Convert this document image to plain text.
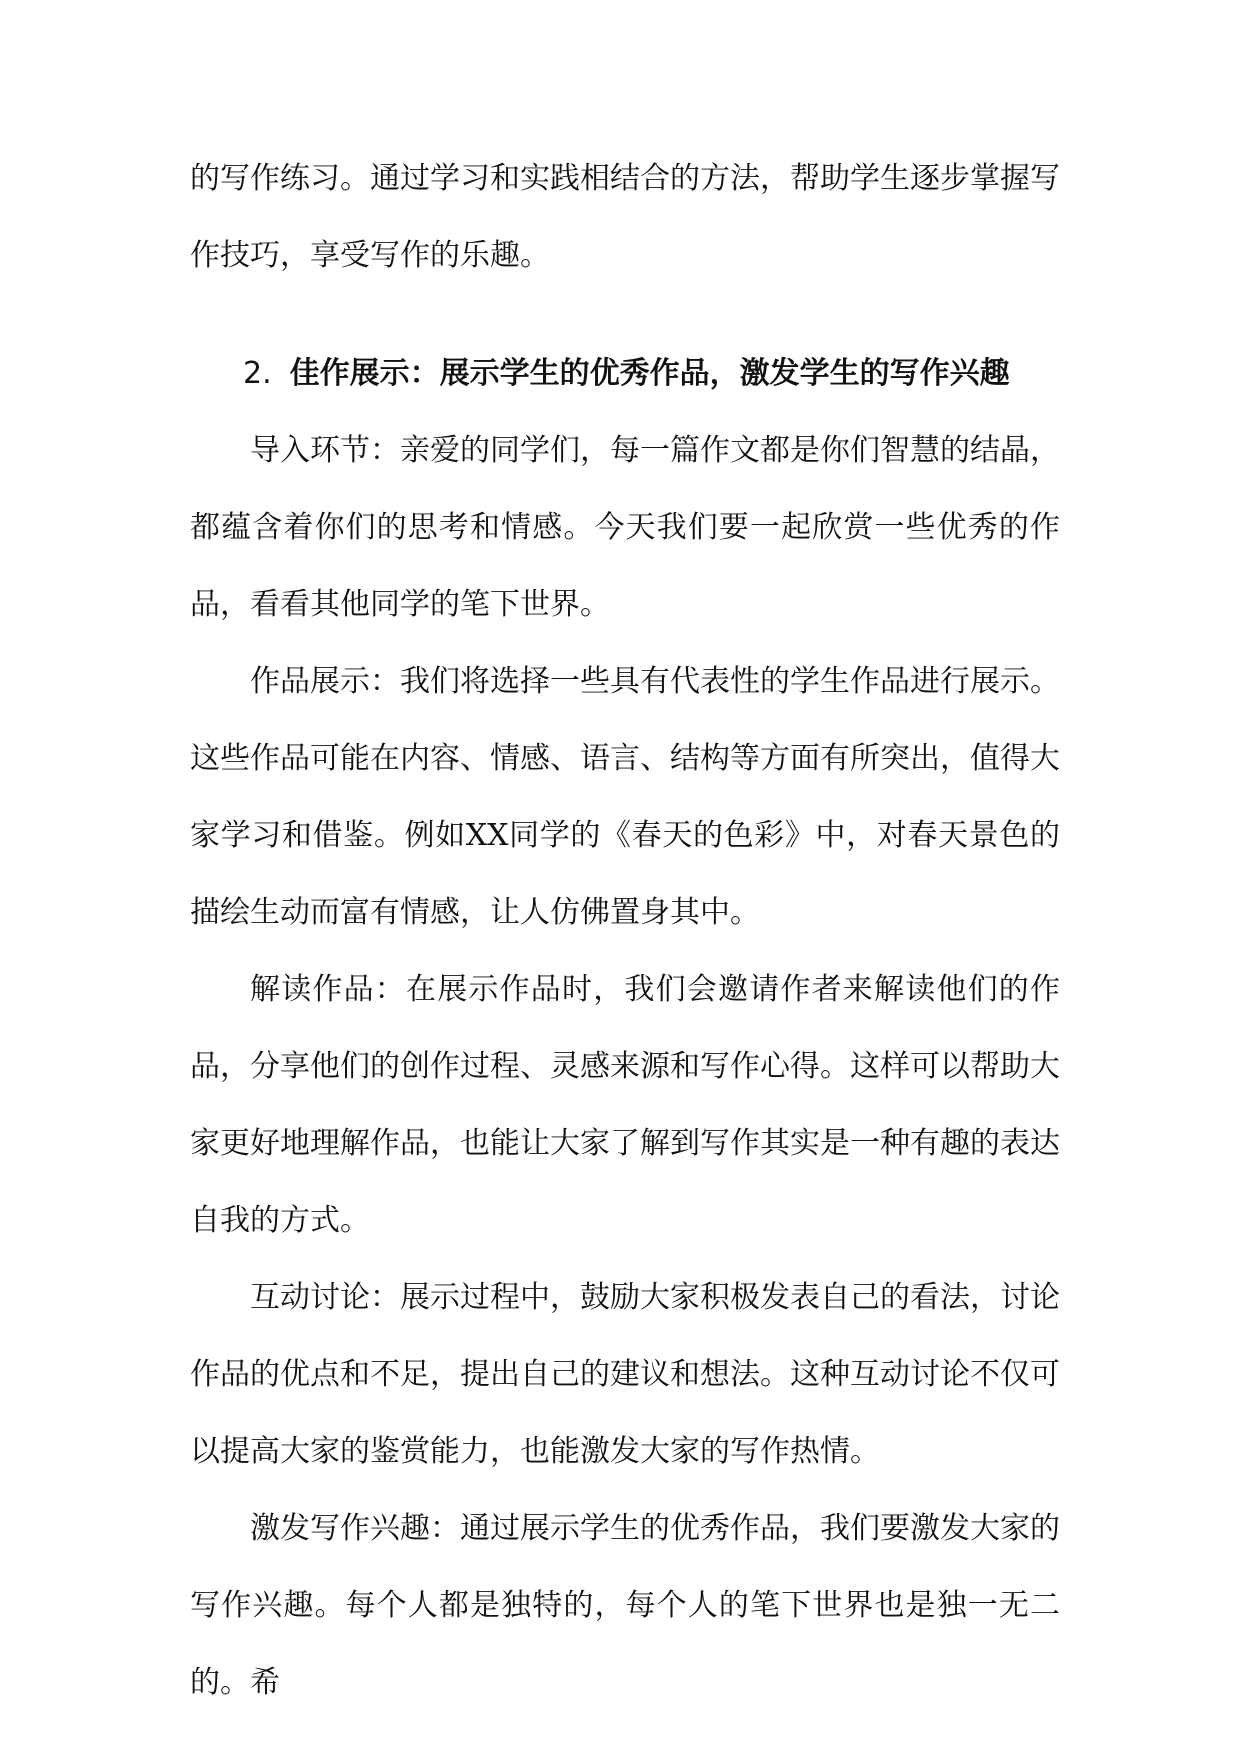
的写作练习。通过学习和实践相结合的方法，帮助学生逐步掌握写作技巧，享受写作的乐趣。

2. 佳作展示：展示学生的优秀作品，激发学生的写作兴趣

导入环节：亲爱的同学们，每一篇作文都是你们智慧的结晶，都蕴含着你们的思考和情感。今天我们要一起欣赏一些优秀的作品，看看其他同学的笔下世界。

作品展示：我们将选择一些具有代表性的学生作品进行展示。这些作品可能在内容、情感、语言、结构等方面有所突出，值得大家学习和借鉴。例如XX同学的《春天的色彩》中，对春天景色的描绘生动而富有情感，让人仿佛置身其中。

解读作品：在展示作品时，我们会邀请作者来解读他们的作品，分享他们的创作过程、灵感来源和写作心得。这样可以帮助大家更好地理解作品，也能让大家了解到写作其实是一种有趣的表达自我的方式。

互动讨论：展示过程中，鼓励大家积极发表自己的看法，讨论作品的优点和不足，提出自己的建议和想法。这种互动讨论不仅可以提高大家的鉴赏能力，也能激发大家的写作热情。

激发写作兴趣：通过展示学生的优秀作品，我们要激发大家的写作兴趣。每个人都是独特的，每个人的笔下世界也是独一无二的。希
